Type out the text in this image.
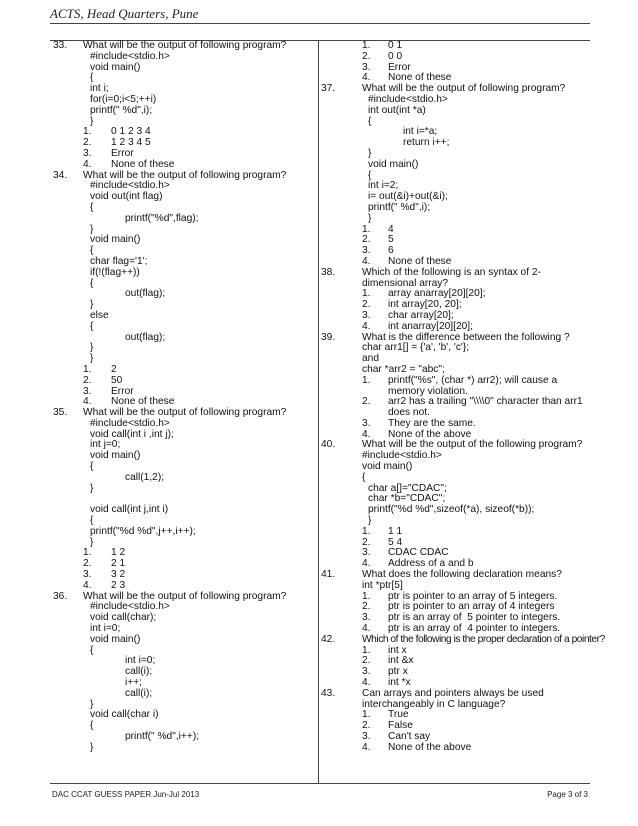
ACTS, Head Quarters, Pune
33. What will be the output of following program?
#include<stdio.h>
void main()
{
int i;
for(i=0;i<5;++i)
printf(" %d",i);
}
1. 0 1 2 3 4
2. 1 2 3 4 5
3. Error
4. None of these
34. What will be the output of following program?
#include<stdio.h>
void out(int flag)
{
printf("%d",flag);
}
void main()
{
char flag='1';
if(!(flag++))
{
out(flag);
}
else
{
out(flag);
}
}
1. 2
2. 50
3. Error
4. None of these
35. What will be the output of following program?
#include<stdio.h>
void call(int i ,int j);
int j=0;
void main()
{
call(1,2);
}
void call(int j,int i)
{
printf("%d %d",j++,i++);
}
1. 1 2
2. 2 1
3. 3 2
4. 2 3
36. What will be the output of following program?
#include<stdio.h>
void call(char);
int i=0;
void main()
{
int i=0;
call(i);
i++;
call(i);
}
void call(char i)
{
printf(" %d",i++);
}
1. 0 1
2. 0 0
3. Error
4. None of these
37.	What will be the output of following program?
#include<stdio.h>
int out(int *a)
{
int i=*a;
return i++;
}
void main()
{
int i=2;
i= out(&i)+out(&i);
printf(" %d",i);
}
1. 4
2. 5
3. 6
4. None of these
38.	Which of the following is an syntax of 2-
dimensional array?
1. array anarray[20][20];
2. int array[20, 20];
3. char array[20];
4. int anarray[20][20];
39.	What is the difference between the following ?
char arr1[] = {'a', 'b', 'c'};
and
char *arr2 = "abc";
1. printf("%s", (char *) arr2); will cause a
memory violation.
2. arr2 has a trailing "\\\\0" character than arr1
does not.
3. They are the same.
4. None of the above
40.	What will be the output of the following program?
#include<stdio.h>
void main()
{
char a[]="CDAC";
char *b="CDAC";
printf("%d %d",sizeof(*a), sizeof(*b));
}
1. 1 1
2. 5 4
3. CDAC CDAC
4. Address of a and b
41.	What does the following declaration means?
int *ptr[5]
1. ptr is pointer to an array of 5 integers.
2. ptr is pointer to an array of 4 integers
3. ptr is an array of  5 pointer to integers.
4. ptr is an array of  4 pointer to integers.
42.	Which of the following is the proper declaration of a pointer?
1. int x
2. int &x
3. ptr x
4. int *x
43.	Can arrays and pointers always be used
interchangeably in C language?
1. True
2. False
3. Can't say
4. None of the above
DAC CCAT GUESS PAPER Jun-Jul 2013	Page 3 of 3
